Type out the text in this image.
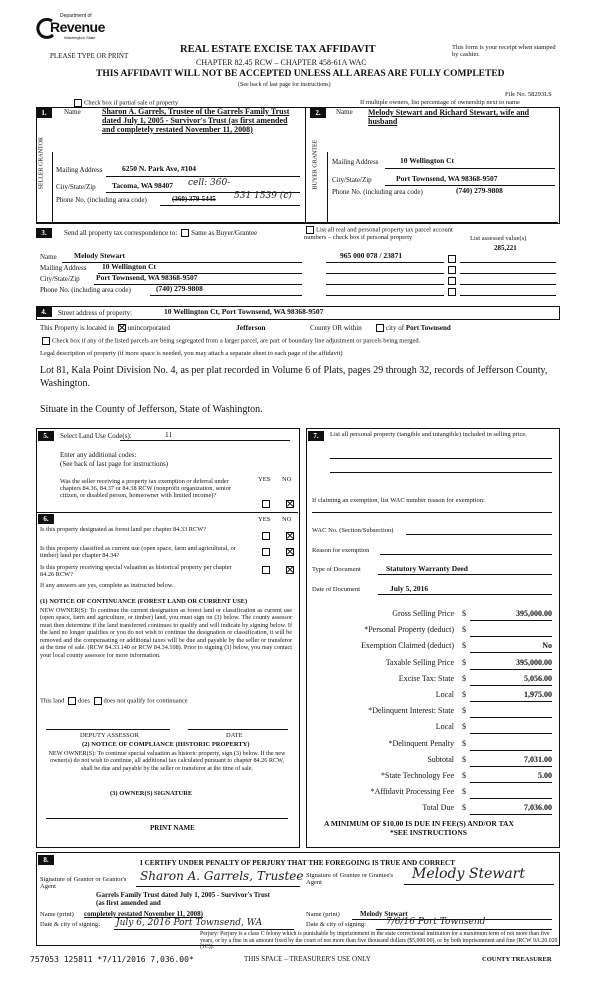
Department of
Revenue
Washington State
PLEASE TYPE OR PRINT
REAL ESTATE EXCISE TAX AFFIDAVIT
CHAPTER 82.45 RCW – CHAPTER 458-61A WAC
THIS AFFIDAVIT WILL NOT BE ACCEPTED UNLESS ALL AREAS ARE FULLY COMPLETED
(See back of last page for instructions)
This form is your receipt when stamped by cashier.
File No. 58293LS
Check box if partial sale of property	If multiple owners, list percentage of ownership next to name
1.	Name	Sharon A. Garrels, Trustee of the Garrels Family Trust dated July 1, 2005 - Survivor's Trust (as first amended and completely restated November 11, 2008)
SELLER GRANTOR Mailing Address	6250 N. Park Ave, #104
City/State/Zip Tacoma, WA 98407 cell: 360-
Phone No. (including area code)	(360) 379-5445 531 1539 (c)
2.	Name Melody Stewart and Richard Stewart, wife and husband
BUYER GRANTEE Mailing Address	10 Wellington Ct
City/State/Zip	Port Townsend, WA 98368-9507
Phone No. (including area code)	(740) 279-9808
3.	Send all property tax correspondence to: Same as Buyer/Grantee	List all real and personal property tax parcel account numbers – check box if personal property	List assessed value(s)
Name Melody Stewart
Mailing Address 10 Wellington Ct
City/State/Zip Port Townsend, WA 98368-9507
Phone No. (including area code)	(740) 279-9808
965 000 078 / 23871
285,221
4.	Street address of property:	10 Wellington Ct, Port Townsend, WA 98368-9507
This Property is located in unincorporated	Jefferson	County OR within	city of Port Townsend
Check box if any of the listed parcels are being segregated from a larger parcel, are part of boundary line adjustment or parcels being merged.
Legal description of property (if more space is needed, you may attach a separate sheet to each page of the affidavit)
Lot 81, Kala Point Division No. 4, as per plat recorded in Volume 6 of Plats, pages 29 through 32, records of Jefferson County, Washington.
Situate in the County of Jefferson, State of Washington.
5.	Select Land Use Code(s):	11
Enter any additional codes:
(See back of last page for instructions)
Was the seller receiving a property tax exemption or deferral under chapters 84.36, 84.37 or 84.38 RCW (nonprofit organization, senior citizen, or disabled person, homeowner with limited income)?
YES NO
6.	YES NO
Is this property designated as forest land per chapter 84.33 RCW?
Is this property classified as current use (open space, farm and agricultural, or timber) land per chapter 84.34?
Is this property receiving special valuation as historical property per chapter 84.26 RCW?
If any answers are yes, complete as instructed below.
(1) NOTICE OF CONTINUANCE (FOREST LAND OR CURRENT USE)
NEW OWNER(S): To continue the current designation as forest land or classification as current use (open space, farm and agriculture, or timber) land, you must sign on (3) below. The county assessor must then determine if the land transferred continues to qualify and will indicate by signing below. If the land no longer qualifies or you do not wish to continue the designation or classification, it will be removed and the compensating or additional taxes will be due and payable by the seller or transferor at the time of sale. (RCW 84.33.140 or RCW 84.34.108). Prior to signing (3) below, you may contact your local county assessor for more information.
This land does does not qualify for continuance
DEPUTY ASSESSOR	DATE
(2) NOTICE OF COMPLIANCE (HISTORIC PROPERTY)
NEW OWNER(S): To continue special valuation as historic property, sign (3) below. If the new owner(s) do not wish to continue, all additional tax calculated pursuant to chapter 84.26 RCW, shall be due and payable by the seller or transferor at the time of sale.
(3) OWNER(S) SIGNATURE
PRINT NAME
7.	List all personal property (tangible and intangible) included in selling price.
If claiming an exemption, list WAC number reason for exemption:
WAC No. (Section/Subsection)
Reason for exemption
Type of Document	Statutory Warranty Deed
Date of Document	July 5, 2016
Gross Selling Price $	395,000.00
*Personal Property (deduct) $
Exemption Claimed (deduct) $	No
Taxable Selling Price $	395,000.00
Excise Tax: State $	5,056.00
Local $	1,975.00
*Delinquent Interest: State $
Local $
*Delinquent Penalty $
Subtotal $	7,031.00
*State Technology Fee $	5.00
*Affidavit Processing Fee $
Total Due $	7,036.00
A MINIMUM OF $10.00 IS DUE IN FEE(S) AND/OR TAX
*SEE INSTRUCTIONS
8.	I CERTIFY UNDER PENALTY OF PERJURY THAT THE FOREGOING IS TRUE AND CORRECT
Signature of Grantor or Grantor's Agent
Sharon A. Garrels, Trustee
Garrels Family Trust dated July 1, 2005 - Survivor's Trust (as first amended and
Name (print) completely restated November 11, 2008)
Date & city of signing: July 6, 2016 Port Townsend, WA
Signature of Grantee or Grantee's Agent
Melody Stewart
Name (print)	Melody Stewart
Date & city of signing: 7/6/16 Port Townsend
Perjury: Perjury is a class C felony which is punishable by imprisonment in the state correctional institution for a maximum term of not more than five years, or by a fine in an amount fixed by the court of not more than five thousand dollars ($5,000.00), or by both imprisonment and fine (RCW 9A.20.020 (1C)).
757053 125811 *7/11/2016 7,036.00*	THIS SPACE – TREASURER'S USE ONLY	COUNTY TREASURER
